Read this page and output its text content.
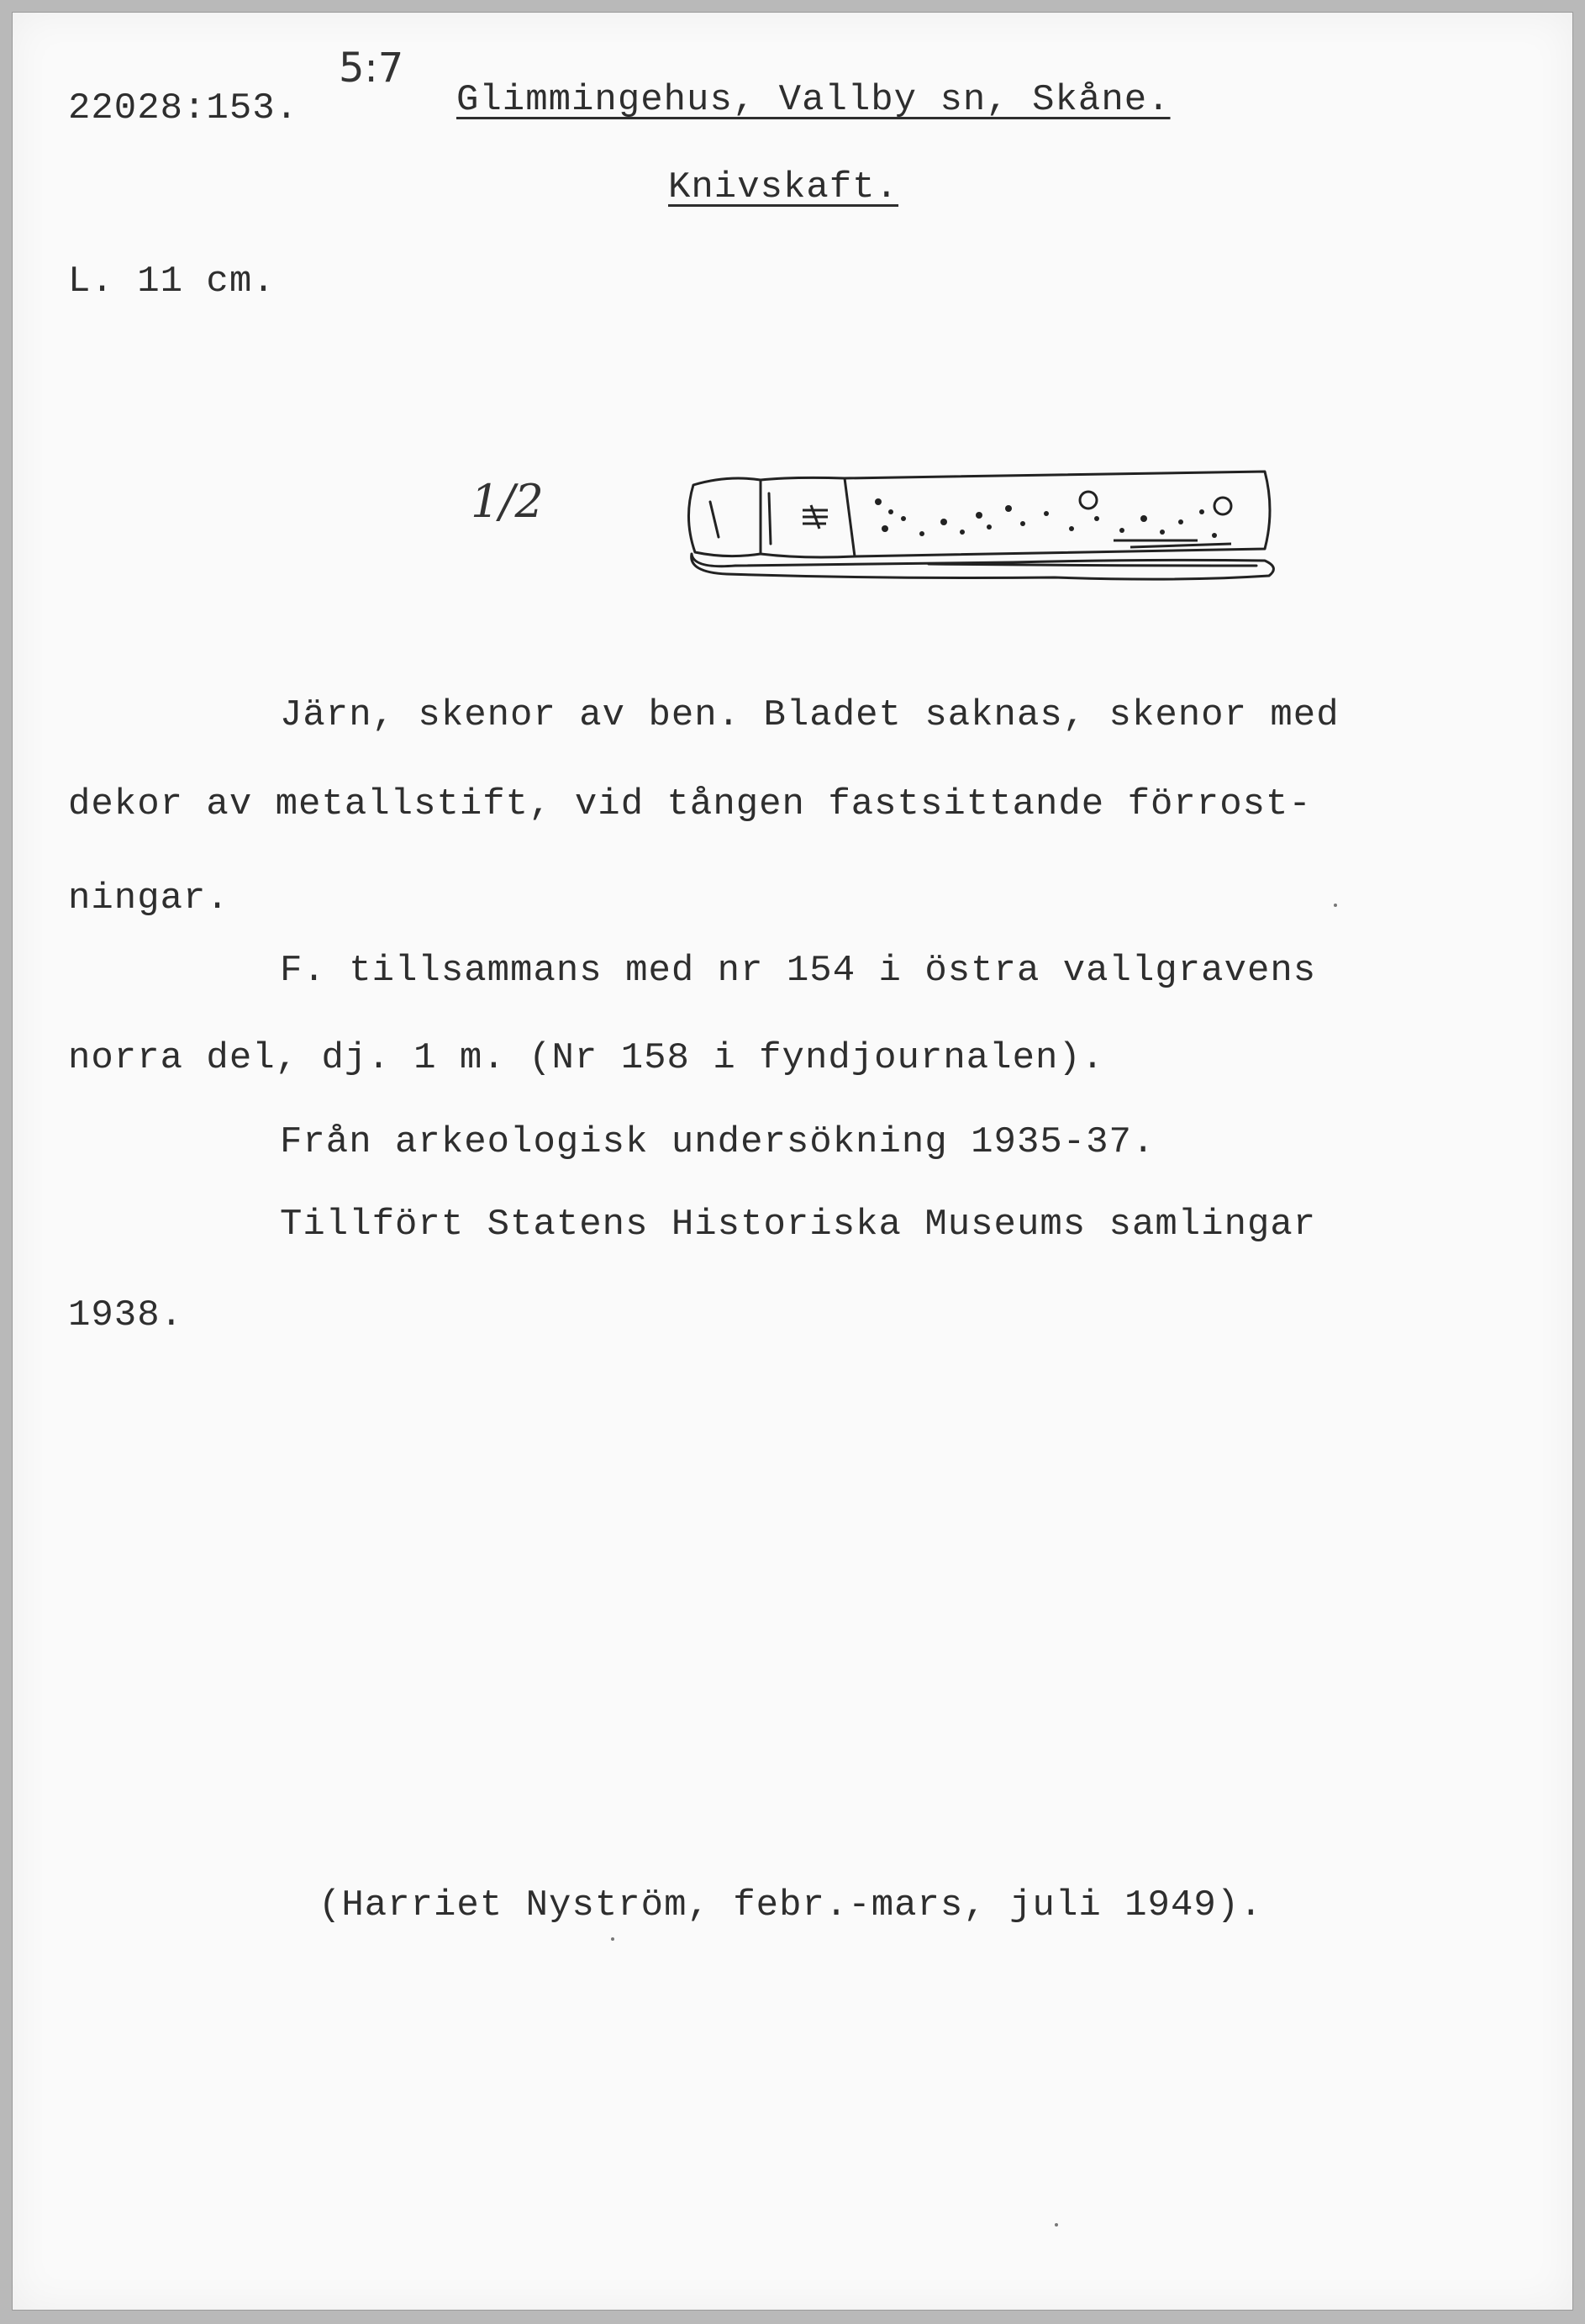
22028:153.
5:7
Glimmingehus, Vallby sn, Skåne.
Knivskaft.
L. 11 cm.
1/2
Järn, skenor av ben. Bladet saknas, skenor med
dekor av metallstift, vid tången fastsittande förrost-
ningar.
F. tillsammans med nr 154 i östra vallgravens
norra del, dj. 1 m. (Nr 158 i fyndjournalen).
Från arkeologisk undersökning 1935-37.
Tillfört Statens Historiska Museums samlingar
1938.
(Harriet Nyström, febr.-mars, juli 1949).
